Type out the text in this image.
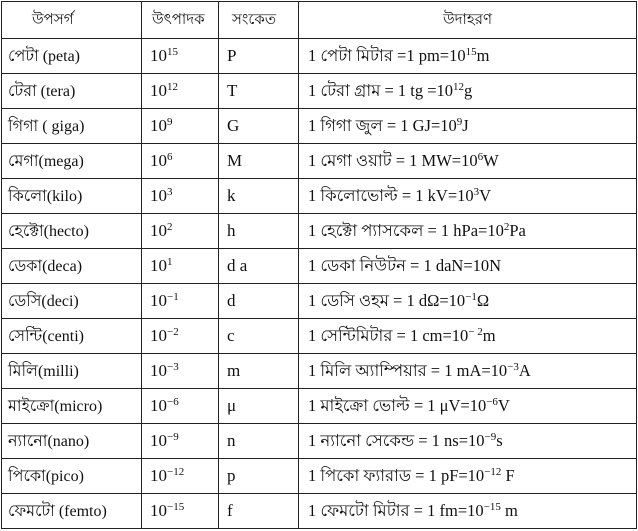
উপসর্গ	উৎপাদক	সংকেত	উদাহরণ
পেটা (peta)	$10^{15}$	P	1 পেটা মিটার =1 $pm=10^{15}m$
টেরা (tera)	$10^{12}$	T	1 টেরা গ্রাম = 1 tg $=10^{12}g$
গিগা ( giga)	$10^9$	G	1 গিগা জুল = 1 $GJ=10^9J$
মেগা(mega)	$10^6$	M	1 মেগা ওয়াট = 1 $MW=10^6W$
কিলো(kilo)	$10^3$	k	1 কিলোভোল্ট = 1 $kV=10^3V$
হেক্টো(hecto)	$10^2$	h	1 হেক্টো প্যাসকেল = 1 $hPa=10^2Pa$
ডেকা(deca)	$10^1$	d a	1 ডেকা নিউটন = 1 daN=10N
ডেসি(deci)	$10^{-1}$	d	1 ডেসি ওহম = 1 $d\Omega=10^{-1}\Omega$
সেন্টি(centi)	$10^{-2}$	c	1 সেন্টিমিটার = 1 $cm=10^{- 2}m$
মিলি(milli)	$10^{-3}$	m	1 মিলি অ্যাম্পিয়ার = 1 $mA=10^{-3}A$
মাইক্রো(micro)	$10^{-6}$	μ	1 মাইক্রো ভোল্ট = 1 $\mu V=10^{-6}V$
ন্যানো(nano)	$10^{-9}$	n	1 ন্যানো সেকেন্ড = 1 $ns=10^{-9}s$
পিকো(pico)	$10^{-12}$	p	1 পিকো ফ্যারাড = 1 $pF=10^{-12}$ F
ফেমটো (femto)	$10^{-15}$	f	1 ফেমটো মিটার = 1 $fm=10^{-15}$ m
